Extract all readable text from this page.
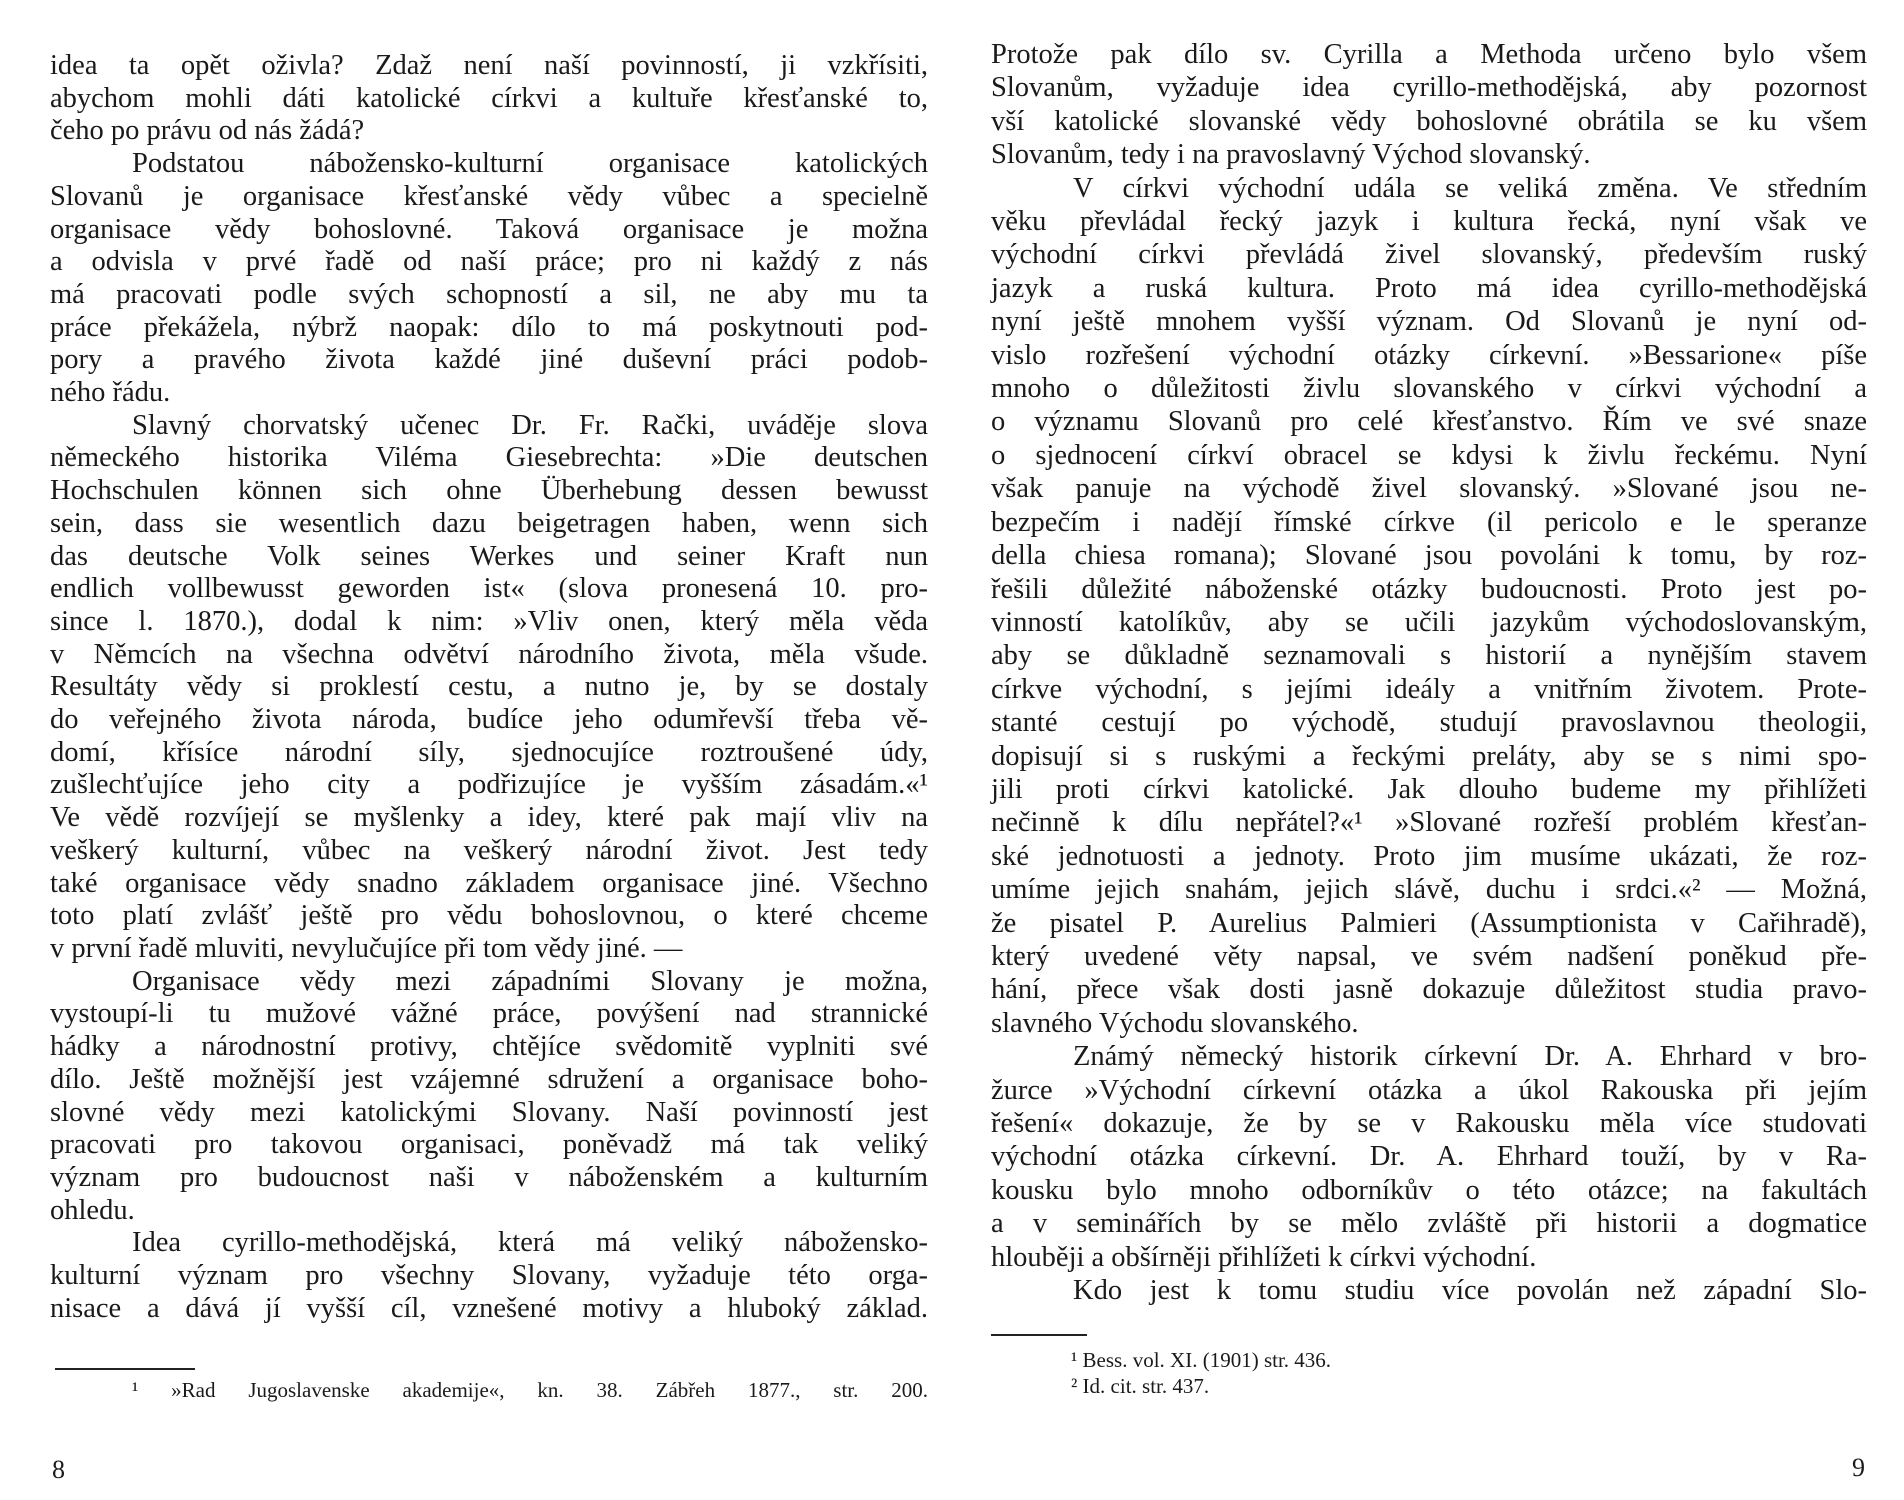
idea ta opět oživla? Zdaž není naší povinností, ji vzkřísiti,
abychom mohli dáti katolické církvi a kultuře křesťanské to,
čeho po právu od nás žádá?
Podstatou nábožensko-kulturní organisace katolických
Slovanů je organisace křesťanské vědy vůbec a specielně
organisace vědy bohoslovné. Taková organisace je možna
a odvisla v prvé řadě od naší práce; pro ni každý z nás
má pracovati podle svých schopností a sil, ne aby mu ta
práce překážela, nýbrž naopak: dílo to má poskytnouti pod-
pory a pravého života každé jiné duševní práci podob-
ného řádu.
Slavný chorvatský učenec Dr. Fr. Rački, uváděje slova
německého historika Viléma Giesebrechta: »Die deutschen
Hochschulen können sich ohne Überhebung dessen bewusst
sein, dass sie wesentlich dazu beigetragen haben, wenn sich
das deutsche Volk seines Werkes und seiner Kraft nun
endlich vollbewusst geworden ist« (slova pronesená 10. pro-
since l. 1870.), dodal k nim: »Vliv onen, který měla věda
v Němcích na všechna odvětví národního života, měla všude.
Resultáty vědy si proklestí cestu, a nutno je, by se dostaly
do veřejného života národa, budíce jeho odumřevší třeba vě-
domí, křísíce národní síly, sjednocujíce roztroušené údy,
zušlechťujíce jeho city a podřizujíce je vyšším zásadám.«¹
Ve vědě rozvíjejí se myšlenky a idey, které pak mají vliv na
veškerý kulturní, vůbec na veškerý národní život. Jest tedy
také organisace vědy snadno základem organisace jiné. Všechno
toto platí zvlášť ještě pro vědu bohoslovnou, o které chceme
v první řadě mluviti, nevylučujíce při tom vědy jiné. —
Organisace vědy mezi západními Slovany je možna,
vystoupí-li tu mužové vážné práce, povýšení nad strannické
hádky a národnostní protivy, chtějíce svědomitě vyplniti své
dílo. Ještě možnější jest vzájemné sdružení a organisace boho-
slovné vědy mezi katolickými Slovany. Naší povinností jest
pracovati pro takovou organisaci, poněvadž má tak veliký
význam pro budoucnost naši v náboženském a kulturním
ohledu.
Idea cyrillo-methodějská, která má veliký nábožensko-
kulturní význam pro všechny Slovany, vyžaduje této orga-
nisace a dává jí vyšší cíl, vznešené motivy a hluboký základ.
Protože pak dílo sv. Cyrilla a Methoda určeno bylo všem
Slovanům, vyžaduje idea cyrillo-methodějská, aby pozornost
vší katolické slovanské vědy bohoslovné obrátila se ku všem
Slovanům, tedy i na pravoslavný Východ slovanský.
V církvi východní udála se veliká změna. Ve středním
věku převládal řecký jazyk i kultura řecká, nyní však ve
východní církvi převládá živel slovanský, především ruský
jazyk a ruská kultura. Proto má idea cyrillo-methodějská
nyní ještě mnohem vyšší význam. Od Slovanů je nyní od-
vislo rozřešení východní otázky církevní. »Bessarione« píše
mnoho o důležitosti živlu slovanského v církvi východní a
o významu Slovanů pro celé křesťanstvo. Řím ve své snaze
o sjednocení církví obracel se kdysi k živlu řeckému. Nyní
však panuje na východě živel slovanský. »Slované jsou ne-
bezpečím i nadějí římské církve (il pericolo e le speranze
della chiesa romana); Slované jsou povoláni k tomu, by roz-
řešili důležité náboženské otázky budoucnosti. Proto jest po-
vinností katolíkův, aby se učili jazykům východoslovanským,
aby se důkladně seznamovali s historií a nynějším stavem
církve východní, s jejími ideály a vnitřním životem. Prote-
stanté cestují po východě, studují pravoslavnou theologii,
dopisují si s ruskými a řeckými preláty, aby se s nimi spo-
jili proti církvi katolické. Jak dlouho budeme my přihlížeti
nečinně k dílu nepřátel?«¹ »Slované rozřeší problém křesťan-
ské jednotuosti a jednoty. Proto jim musíme ukázati, že roz-
umíme jejich snahám, jejich slávě, duchu i srdci.«² — Možná,
že pisatel P. Aurelius Palmieri (Assumptionista v Cařihradě),
který uvedené věty napsal, ve svém nadšení poněkud pře-
hání, přece však dosti jasně dokazuje důležitost studia pravo-
slavného Východu slovanského.
Známý německý historik církevní Dr. A. Ehrhard v bro-
žurce »Východní církevní otázka a úkol Rakouska při jejím
řešení« dokazuje, že by se v Rakousku měla více studovati
východní otázka církevní. Dr. A. Ehrhard touží, by v Ra-
kousku bylo mnoho odborníkův o této otázce; na fakultách
a v seminářích by se mělo zvláště při historii a dogmatice
hlouběji a obšírněji přihlížeti k církvi východní.
Kdo jest k tomu studiu více povolán než západní Slo-
¹ »Rad Jugoslavenske akademije«, kn. 38. Zábřeh 1877., str. 200.
¹ Bess. vol. XI. (1901) str. 436.
² Id. cit. str. 437.
8	9
